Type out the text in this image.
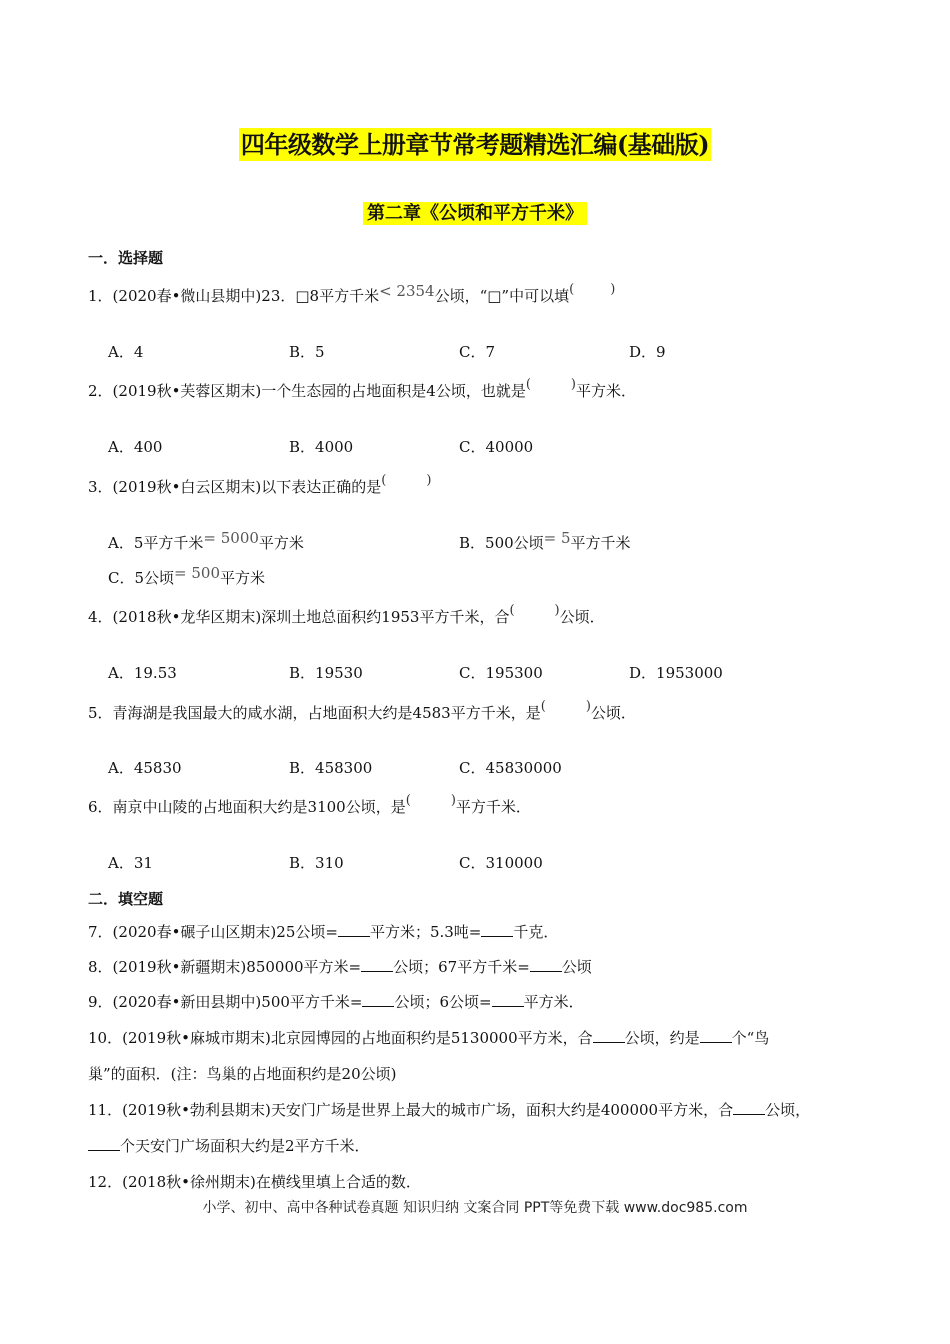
四年级数学上册章节常考题精选汇编(基础版)
第二章《公顷和平方千米》
一．选择题
1．(2020春•微山县期中)23．□8平方千米< 2354公顷，“□”中可以填(	)
A．4	B．5	C．7	D．9
2．(2019秋•芙蓉区期末)一个生态园的占地面积是4公顷，也就是(	)平方米．
A．400	B．4000	C．40000
3．(2019秋•白云区期末)以下表达正确的是(	)
A．5平方千米= 5000平方米	B．500公顷= 5平方千米
C．5公顷= 500平方米
4．(2018秋•龙华区期末)深圳土地总面积约1953平方千米，合(	)公顷．
A．19.53	B．19530	C．195300	D．1953000
5．青海湖是我国最大的咸水湖，占地面积大约是4583平方千米，是(	)公顷．
A．45830	B．458300	C．45830000
6．南京中山陵的占地面积大约是3100公顷，是(	)平方千米．
A．31	B．310	C．310000
二．填空题
7．(2020春•碾子山区期末)25公顷= 平方米；5.3吨= 千克．
8．(2019秋•新疆期末)850000平方米= 公顷；67平方千米= 公顷
9．(2020春•新田县期中)500平方千米= 公顷；6公顷= 平方米．
10．(2019秋•麻城市期末)北京园博园的占地面积约是5130000平方米，合 公顷，约是 个“鸟
巢”的面积．(注：鸟巢的占地面积约是20公顷)
11．(2019秋•勃利县期末)天安门广场是世界上最大的城市广场，面积大约是400000平方米，合 公顷，
个天安门广场面积大约是2平方千米．
12．(2018秋•徐州期末)在横线里填上合适的数．
小学、初中、高中各种试卷真题 知识归纳 文案合同 PPT等免费下载 www.doc985.com
